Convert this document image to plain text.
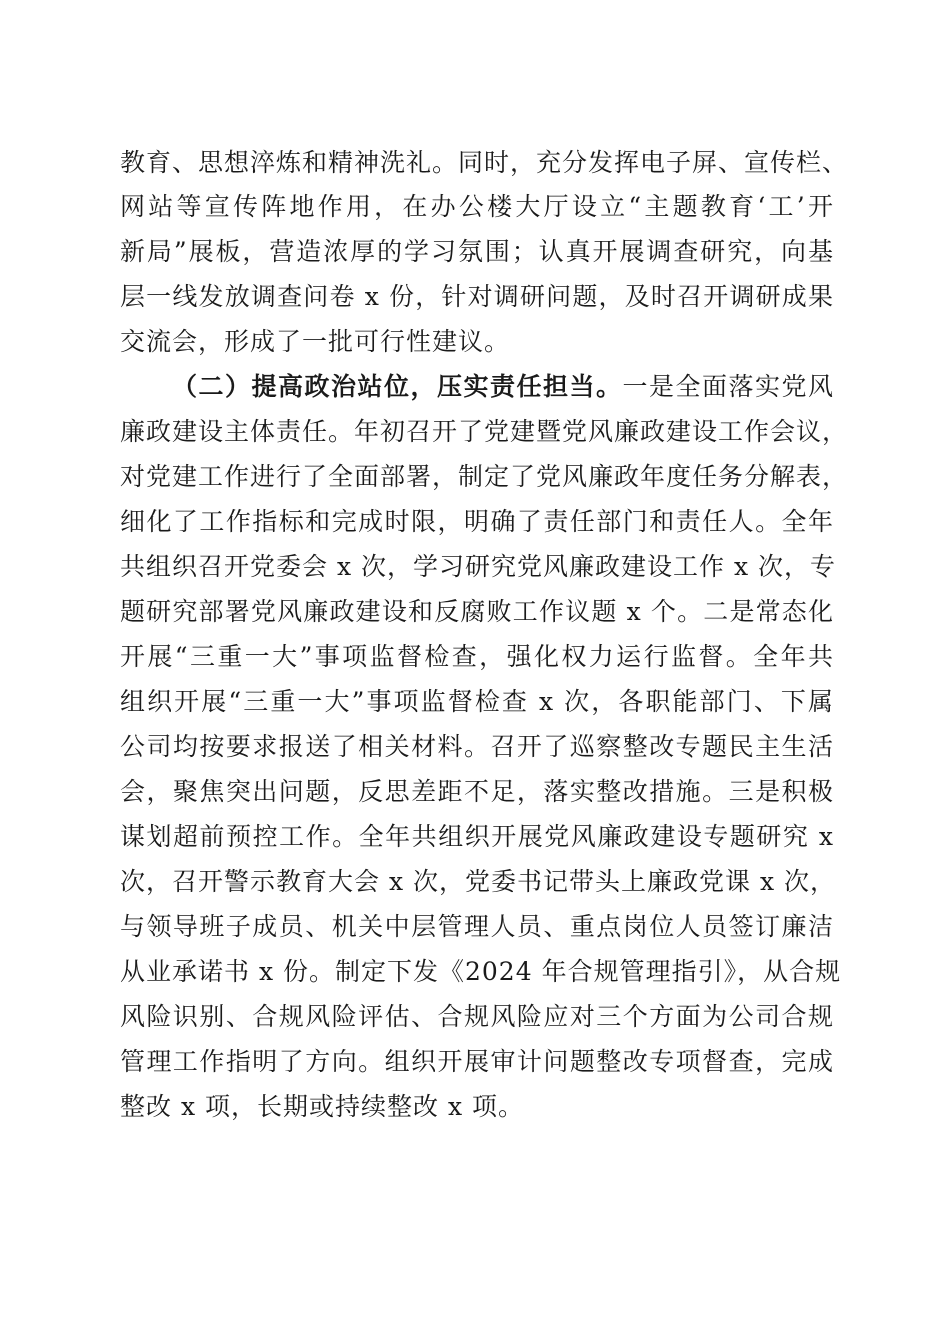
教育、思想淬炼和精神洗礼。同时，充分发挥电子屏、宣传栏、
网站等宣传阵地作用，在办公楼大厅设立“主题教育‘工’开
新局”展板，营造浓厚的学习氛围；认真开展调查研究，向基
层一线发放调查问卷 x 份，针对调研问题，及时召开调研成果
交流会，形成了一批可行性建议。
（二）提高政治站位，压实责任担当。一是全面落实党风
廉政建设主体责任。年初召开了党建暨党风廉政建设工作会议，
对党建工作进行了全面部署，制定了党风廉政年度任务分解表，
细化了工作指标和完成时限，明确了责任部门和责任人。全年
共组织召开党委会 x 次，学习研究党风廉政建设工作 x 次，专
题研究部署党风廉政建设和反腐败工作议题 x 个。二是常态化
开展“三重一大”事项监督检查，强化权力运行监督。全年共
组织开展“三重一大”事项监督检查 x 次，各职能部门、下属
公司均按要求报送了相关材料。召开了巡察整改专题民主生活
会，聚焦突出问题，反思差距不足，落实整改措施。三是积极
谋划超前预控工作。全年共组织开展党风廉政建设专题研究 x
次，召开警示教育大会 x 次，党委书记带头上廉政党课 x 次，
与领导班子成员、机关中层管理人员、重点岗位人员签订廉洁
从业承诺书 x 份。制定下发《2024 年合规管理指引》，从合规
风险识别、合规风险评估、合规风险应对三个方面为公司合规
管理工作指明了方向。组织开展审计问题整改专项督查，完成
整改 x 项，长期或持续整改 x 项。
